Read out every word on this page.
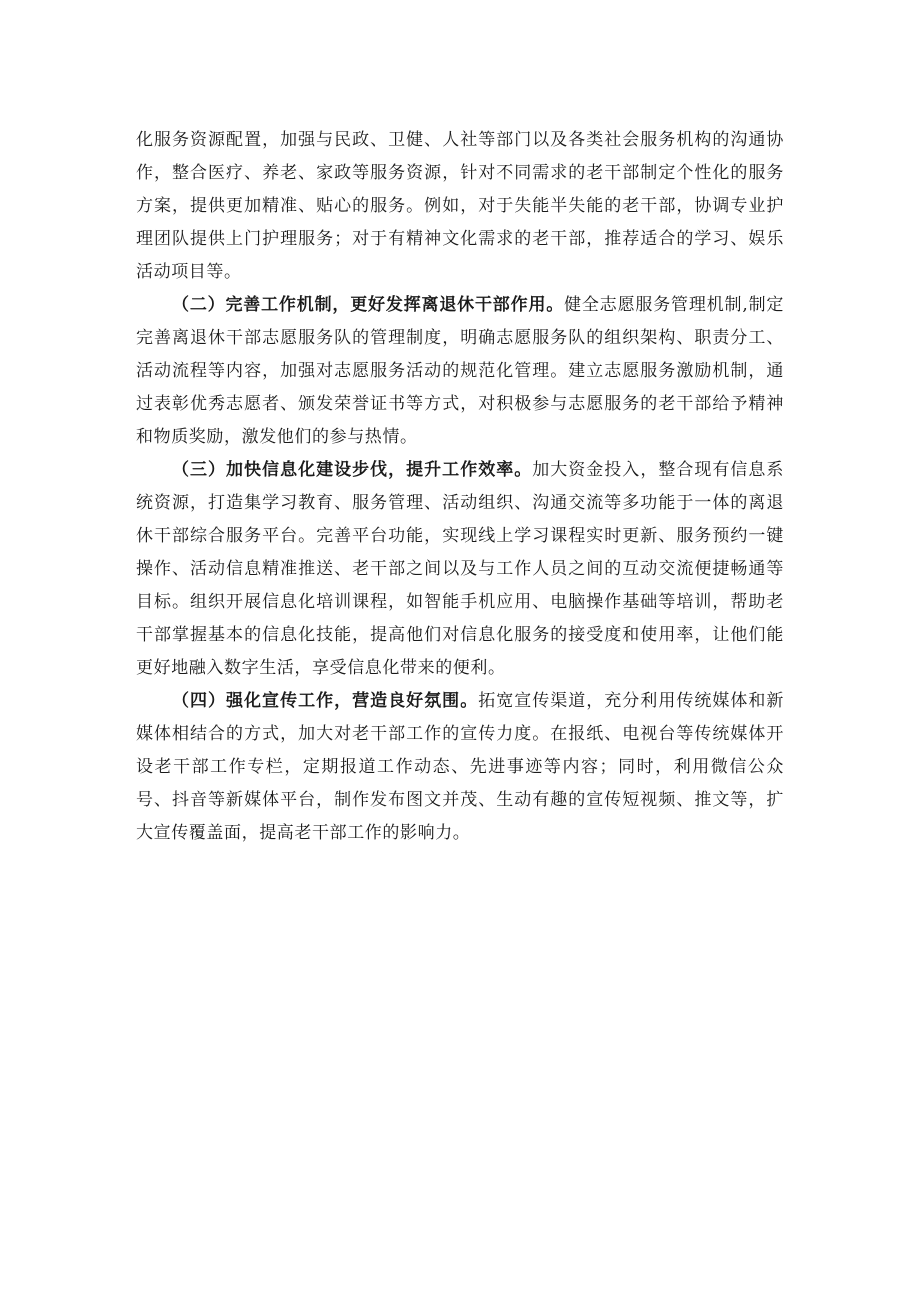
化服务资源配置，加强与民政、卫健、人社等部门以及各类社会服务机构的沟通协作，整合医疗、养老、家政等服务资源，针对不同需求的老干部制定个性化的服务方案，提供更加精准、贴心的服务。例如，对于失能半失能的老干部，协调专业护理团队提供上门护理服务；对于有精神文化需求的老干部，推荐适合的学习、娱乐活动项目等。

（二）完善工作机制，更好发挥离退休干部作用。健全志愿服务管理机制,制定完善离退休干部志愿服务队的管理制度，明确志愿服务队的组织架构、职责分工、活动流程等内容，加强对志愿服务活动的规范化管理。建立志愿服务激励机制，通过表彰优秀志愿者、颁发荣誉证书等方式，对积极参与志愿服务的老干部给予精神和物质奖励，激发他们的参与热情。

（三）加快信息化建设步伐，提升工作效率。加大资金投入，整合现有信息系统资源，打造集学习教育、服务管理、活动组织、沟通交流等多功能于一体的离退休干部综合服务平台。完善平台功能，实现线上学习课程实时更新、服务预约一键操作、活动信息精准推送、老干部之间以及与工作人员之间的互动交流便捷畅通等目标。组织开展信息化培训课程，如智能手机应用、电脑操作基础等培训，帮助老干部掌握基本的信息化技能，提高他们对信息化服务的接受度和使用率，让他们能更好地融入数字生活，享受信息化带来的便利。

（四）强化宣传工作，营造良好氛围。拓宽宣传渠道，充分利用传统媒体和新媒体相结合的方式，加大对老干部工作的宣传力度。在报纸、电视台等传统媒体开设老干部工作专栏，定期报道工作动态、先进事迹等内容；同时，利用微信公众号、抖音等新媒体平台，制作发布图文并茂、生动有趣的宣传短视频、推文等，扩大宣传覆盖面，提高老干部工作的影响力。
